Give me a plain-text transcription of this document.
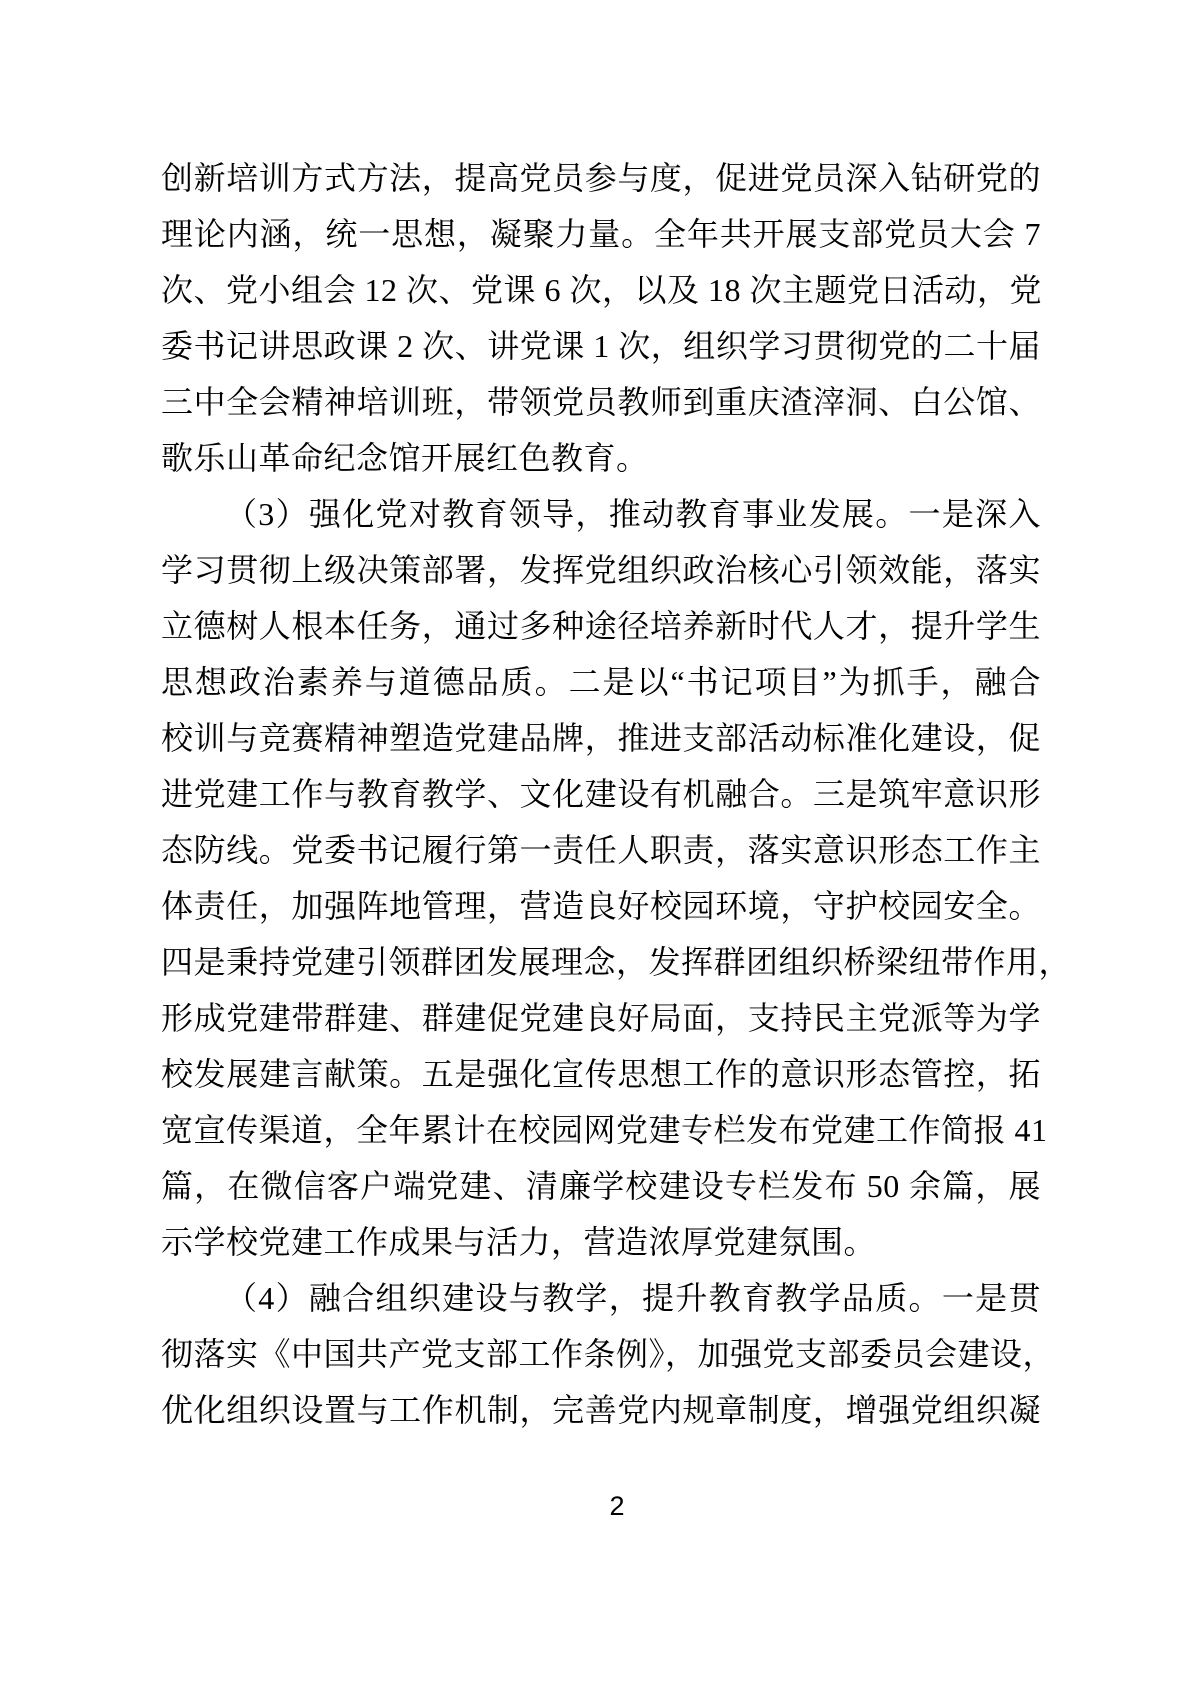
创新培训方式方法，提高党员参与度，促进党员深入钻研党的
理论内涵，统一思想，凝聚力量。全年共开展支部党员大会 7
次、党小组会 12 次、党课 6 次，以及 18 次主题党日活动，党
委书记讲思政课 2 次、讲党课 1 次，组织学习贯彻党的二十届
三中全会精神培训班，带领党员教师到重庆渣滓洞、白公馆、
歌乐山革命纪念馆开展红色教育。
（3）强化党对教育领导，推动教育事业发展。一是深入
学习贯彻上级决策部署，发挥党组织政治核心引领效能，落实
立德树人根本任务，通过多种途径培养新时代人才，提升学生
思想政治素养与道德品质。二是以“书记项目”为抓手，融合
校训与竞赛精神塑造党建品牌，推进支部活动标准化建设，促
进党建工作与教育教学、文化建设有机融合。三是筑牢意识形
态防线。党委书记履行第一责任人职责，落实意识形态工作主
体责任，加强阵地管理，营造良好校园环境，守护校园安全。
四是秉持党建引领群团发展理念，发挥群团组织桥梁纽带作用，
形成党建带群建、群建促党建良好局面，支持民主党派等为学
校发展建言献策。五是强化宣传思想工作的意识形态管控，拓
宽宣传渠道，全年累计在校园网党建专栏发布党建工作简报 41
篇，在微信客户端党建、清廉学校建设专栏发布 50 余篇，展
示学校党建工作成果与活力，营造浓厚党建氛围。
（4）融合组织建设与教学，提升教育教学品质。一是贯
彻落实《中国共产党支部工作条例》，加强党支部委员会建设，
优化组织设置与工作机制，完善党内规章制度，增强党组织凝
2
